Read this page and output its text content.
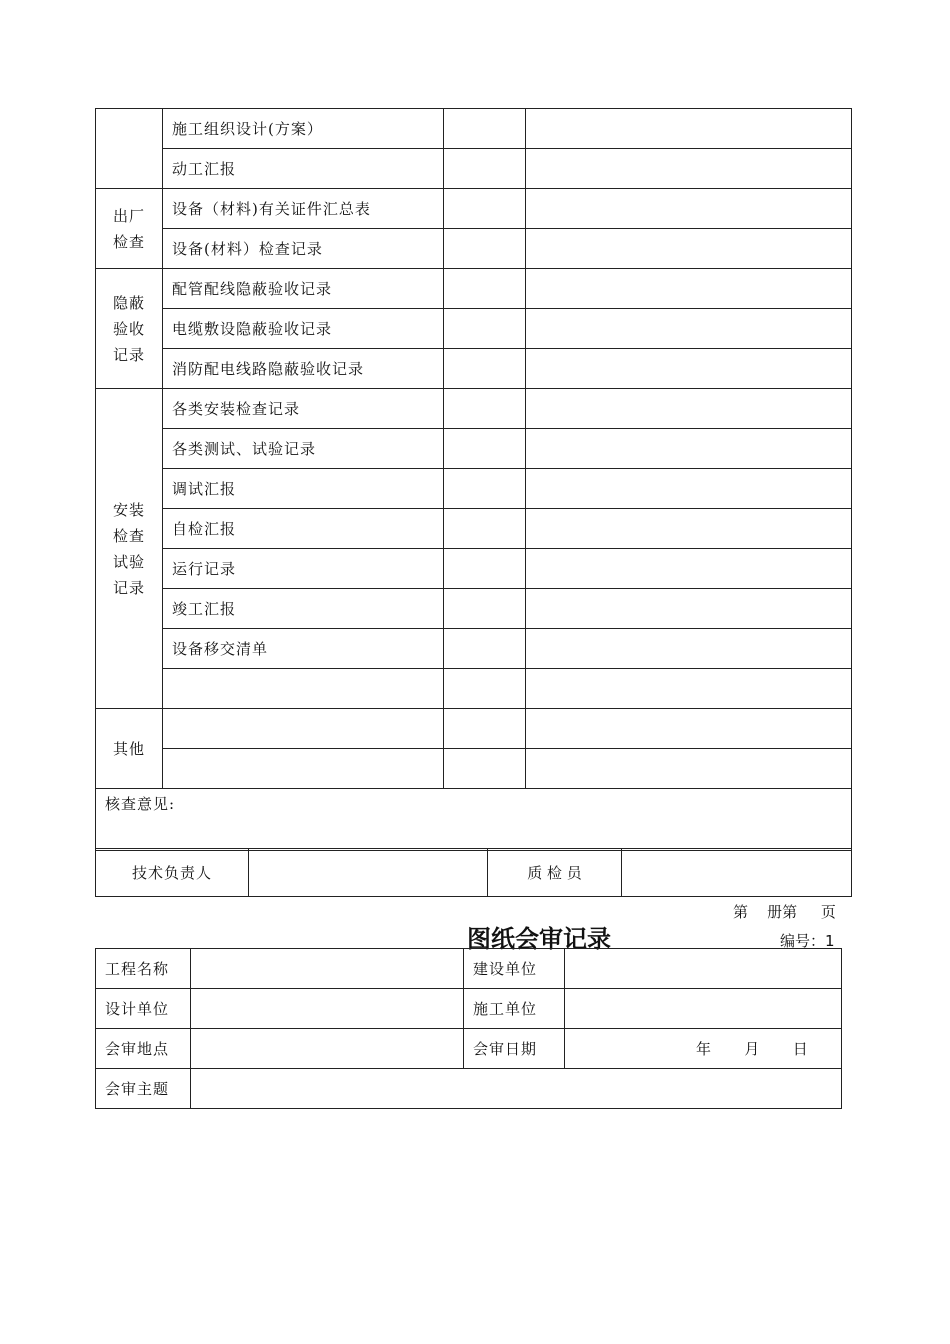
	施工组织设计(方案）		
	动工汇报		

出厂
检查	设备（材料)有关证件汇总表		
	设备(材料）检查记录		

隐蔽
验收
记录	配管配线隐蔽验收记录		
	电缆敷设隐蔽验收记录		
	消防配电线路隐蔽验收记录		

安装
检查
试验
记录	各类安装检查记录		
	各类测试、试验记录		
	调试汇报		
	自检汇报		
	运行记录		
	竣工汇报		
	设备移交清单		

其他			

核查意见:			
技术负责人		质 检 员	
第    册第     页
图纸会审记录	编号：1
工程名称		建设单位	
设计单位		施工单位	
会审地点		会审日期	年       月       日

会审主题			
